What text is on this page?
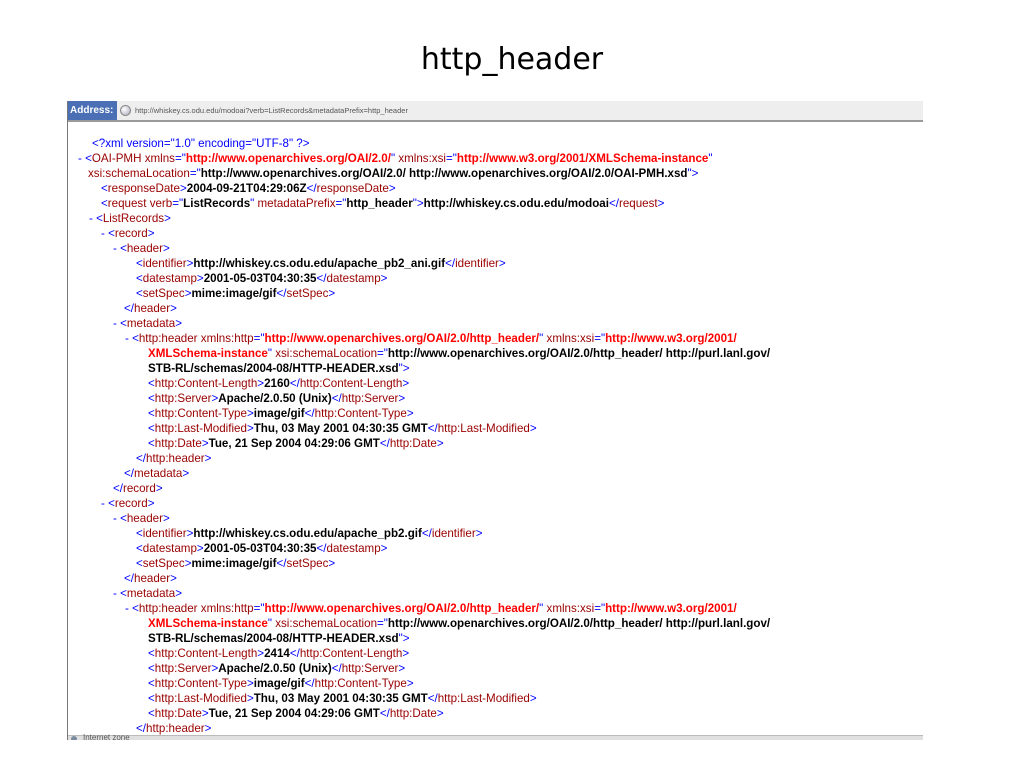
http_header
Address:	http://whiskey.cs.odu.edu/modoai?verb=ListRecords&metadataPrefix=http_header
<?xml version="1.0" encoding="UTF-8" ?>
- <OAI-PMH xmlns="http://www.openarchives.org/OAI/2.0/" xmlns:xsi="http://www.w3.org/2001/XMLSchema-instance"
xsi:schemaLocation="http://www.openarchives.org/OAI/2.0/ http://www.openarchives.org/OAI/2.0/OAI-PMH.xsd">
<responseDate>2004-09-21T04:29:06Z</responseDate>
<request verb="ListRecords" metadataPrefix="http_header">http://whiskey.cs.odu.edu/modoai</request>
- <ListRecords>
- <record>
- <header>
<identifier>http://whiskey.cs.odu.edu/apache_pb2_ani.gif</identifier>
<datestamp>2001-05-03T04:30:35</datestamp>
<setSpec>mime:image/gif</setSpec>
</header>
- <metadata>
- <http:header xmlns:http="http://www.openarchives.org/OAI/2.0/http_header/" xmlns:xsi="http://www.w3.org/2001/
XMLSchema-instance" xsi:schemaLocation="http://www.openarchives.org/OAI/2.0/http_header/ http://purl.lanl.gov/
STB-RL/schemas/2004-08/HTTP-HEADER.xsd">
<http:Content-Length>2160</http:Content-Length>
<http:Server>Apache/2.0.50 (Unix)</http:Server>
<http:Content-Type>image/gif</http:Content-Type>
<http:Last-Modified>Thu, 03 May 2001 04:30:35 GMT</http:Last-Modified>
<http:Date>Tue, 21 Sep 2004 04:29:06 GMT</http:Date>
</http:header>
</metadata>
</record>
- <record>
- <header>
<identifier>http://whiskey.cs.odu.edu/apache_pb2.gif</identifier>
<datestamp>2001-05-03T04:30:35</datestamp>
<setSpec>mime:image/gif</setSpec>
</header>
- <metadata>
- <http:header xmlns:http="http://www.openarchives.org/OAI/2.0/http_header/" xmlns:xsi="http://www.w3.org/2001/
XMLSchema-instance" xsi:schemaLocation="http://www.openarchives.org/OAI/2.0/http_header/ http://purl.lanl.gov/
STB-RL/schemas/2004-08/HTTP-HEADER.xsd">
<http:Content-Length>2414</http:Content-Length>
<http:Server>Apache/2.0.50 (Unix)</http:Server>
<http:Content-Type>image/gif</http:Content-Type>
<http:Last-Modified>Thu, 03 May 2001 04:30:35 GMT</http:Last-Modified>
<http:Date>Tue, 21 Sep 2004 04:29:06 GMT</http:Date>
</http:header>
Internet zone
